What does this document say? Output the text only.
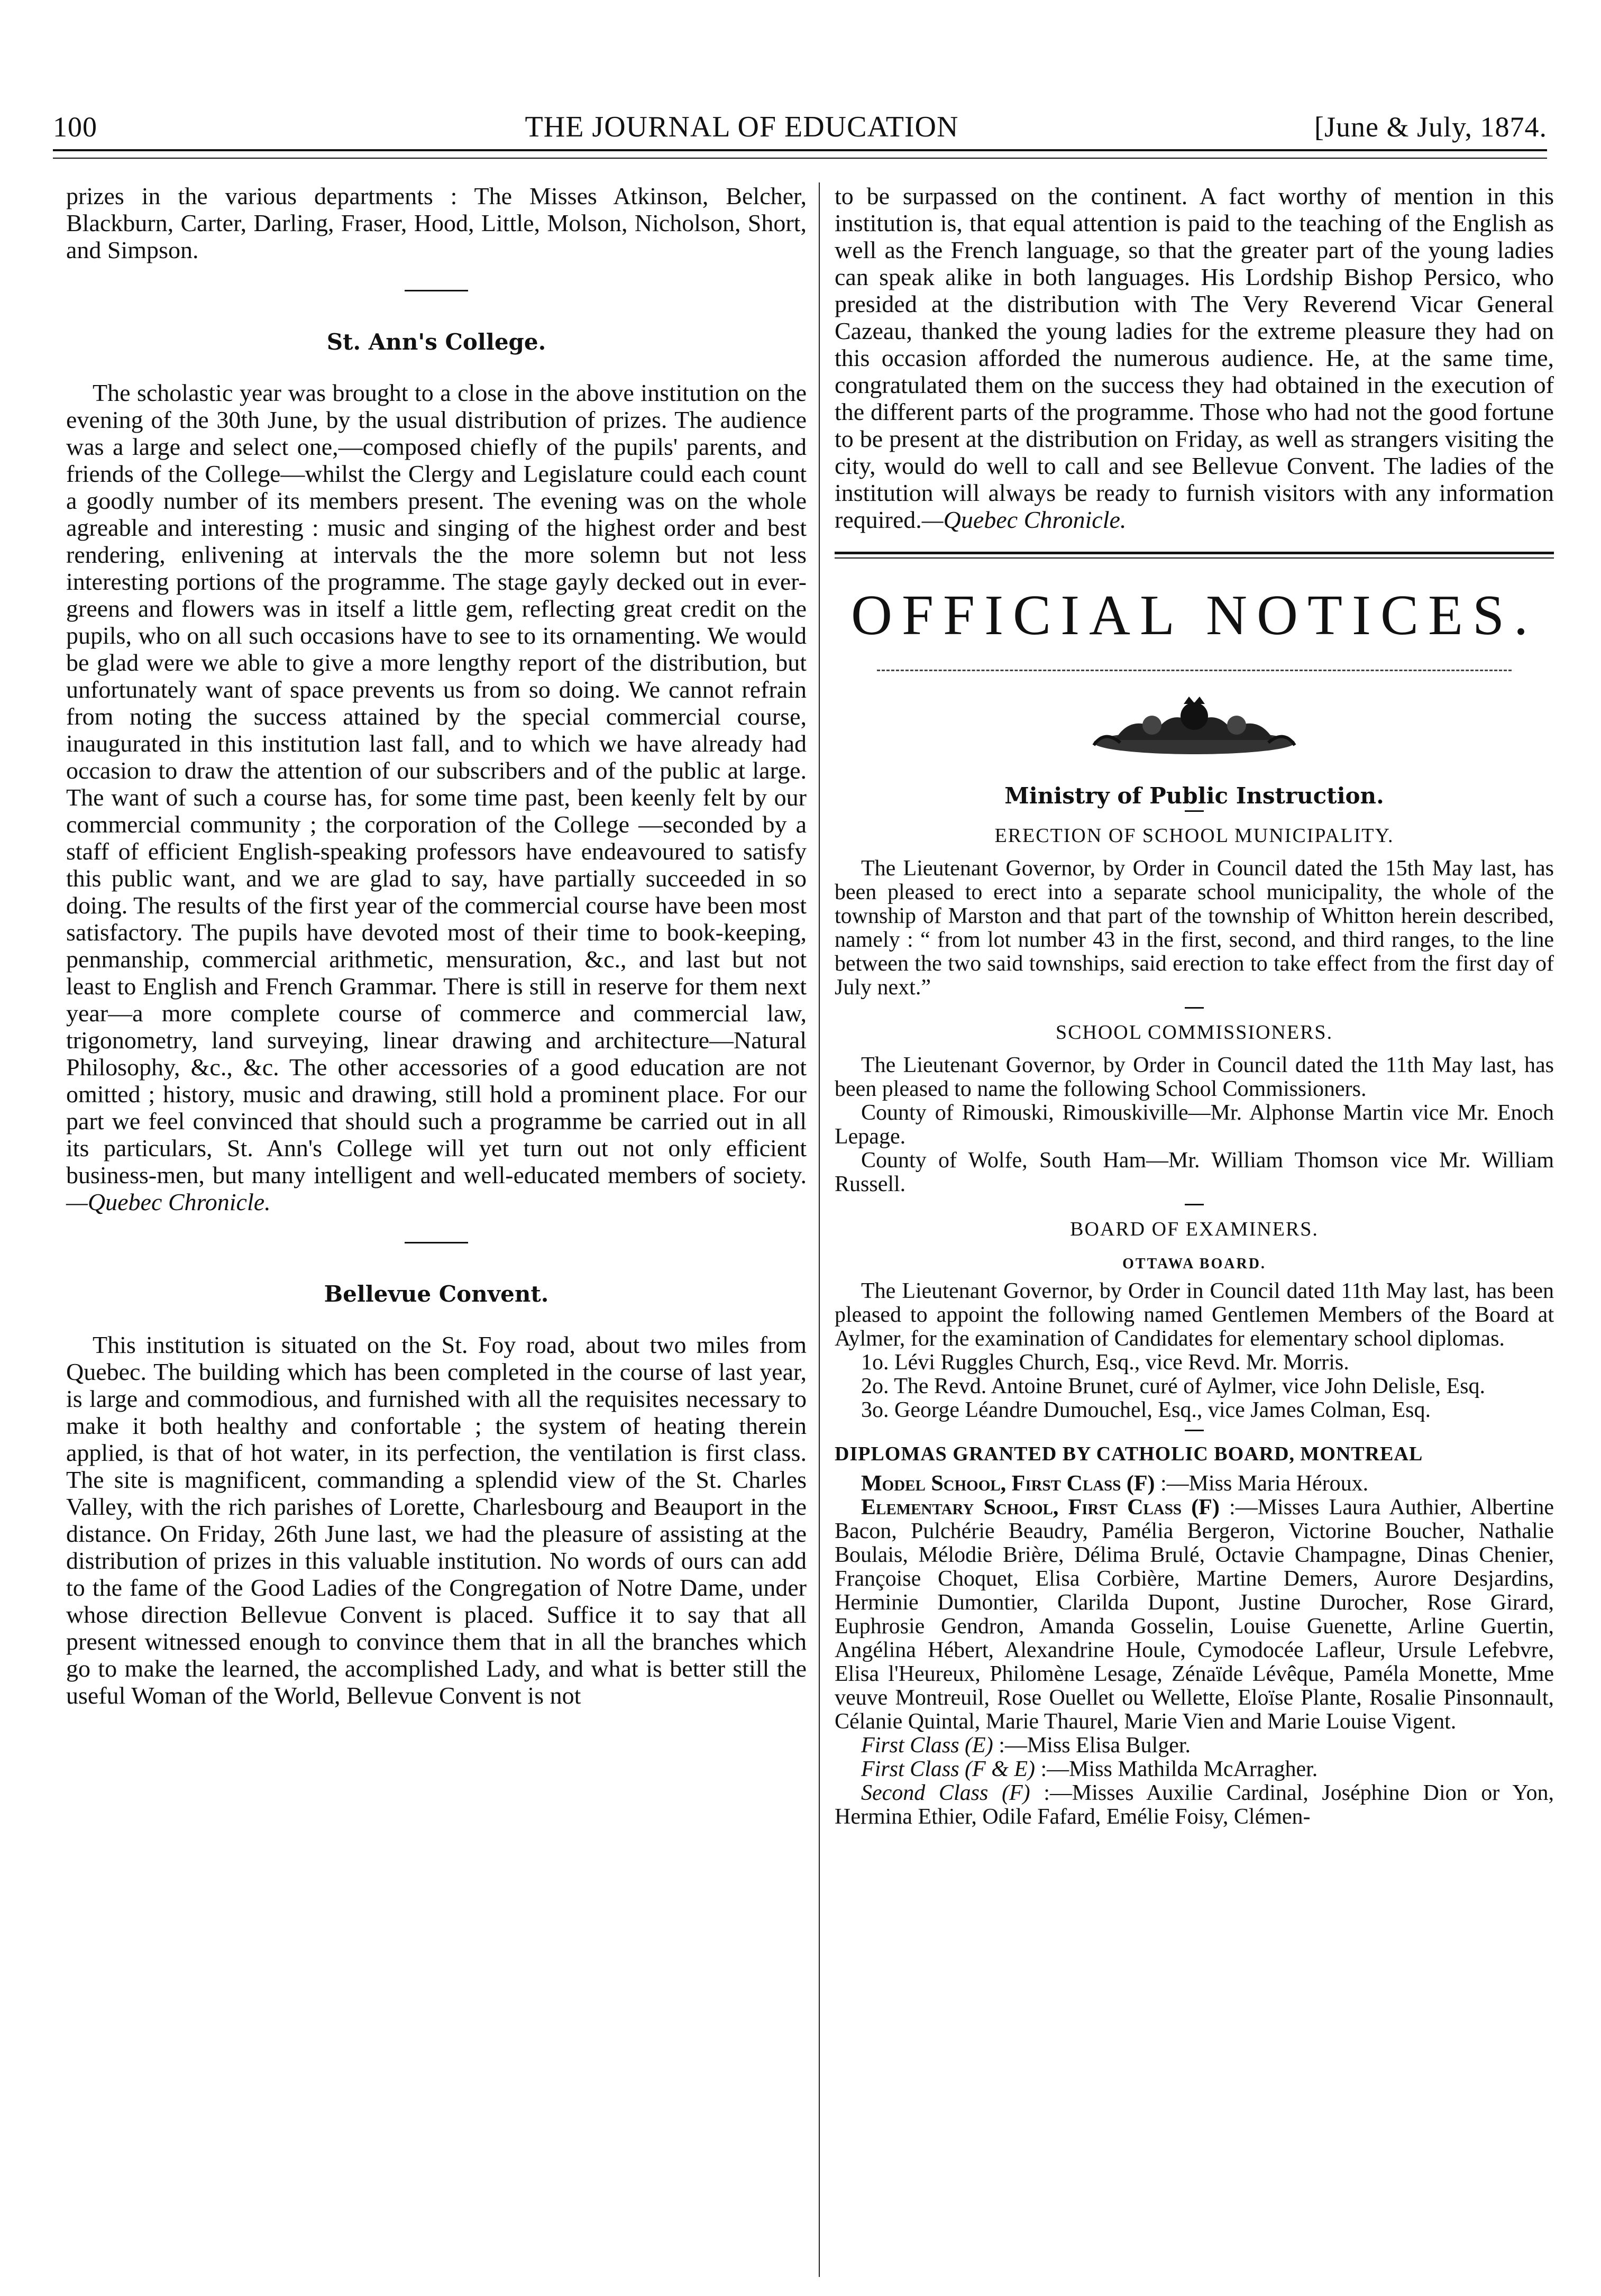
100	THE JOURNAL OF EDUCATION	[June & July, 1874.

prizes in the various departments : The Misses Atkinson, Belcher, Blackburn, Carter, Darling, Fraser, Hood, Little, Molson, Nicholson, Short, and Simpson.

St. Ann's College.

The scholastic year was brought to a close in the above institution on the evening of the 30th June, by the usual distribution of prizes. The audience was a large and select one,—composed chiefly of the pupils' parents, and friends of the College—whilst the Clergy and Legislature could each count a goodly number of its members present. The evening was on the whole agreable and interesting : music and singing of the highest order and best rendering, enlivening at intervals the the more solemn but not less interesting portions of the programme. The stage gayly decked out in ever-greens and flowers was in itself a little gem, reflecting great credit on the pupils, who on all such occasions have to see to its ornamenting. We would be glad were we able to give a more lengthy report of the distribution, but unfortunately want of space prevents us from so doing. We cannot refrain from noting the success attained by the special commercial course, inaugurated in this institution last fall, and to which we have already had occasion to draw the attention of our subscribers and of the public at large. The want of such a course has, for some time past, been keenly felt by our commercial community ; the corporation of the College —seconded by a staff of efficient English-speaking professors have endeavoured to satisfy this public want, and we are glad to say, have partially succeeded in so doing. The results of the first year of the commercial course have been most satisfactory. The pupils have devoted most of their time to book-keeping, penmanship, commercial arithmetic, mensuration, &c., and last but not least to English and French Grammar. There is still in reserve for them next year—a more complete course of commerce and commercial law, trigonometry, land surveying, linear drawing and architecture—Natural Philosophy, &c., &c. The other accessories of a good education are not omitted ; history, music and drawing, still hold a prominent place. For our part we feel convinced that should such a programme be carried out in all its particulars, St. Ann's College will yet turn out not only efficient business-men, but many intelligent and well-educated members of society.—Quebec Chronicle.

Bellevue Convent.

This institution is situated on the St. Foy road, about two miles from Quebec. The building which has been completed in the course of last year, is large and commodious, and furnished with all the requisites necessary to make it both healthy and confortable ; the system of heating therein applied, is that of hot water, in its perfection, the ventilation is first class. The site is magnificent, commanding a splendid view of the St. Charles Valley, with the rich parishes of Lorette, Charlesbourg and Beauport in the distance. On Friday, 26th June last, we had the pleasure of assisting at the distribution of prizes in this valuable institution. No words of ours can add to the fame of the Good Ladies of the Congregation of Notre Dame, under whose direction Bellevue Convent is placed. Suffice it to say that all present witnessed enough to convince them that in all the branches which go to make the learned, the accomplished Lady, and what is better still the useful Woman of the World, Bellevue Convent is not

to be surpassed on the continent. A fact worthy of mention in this institution is, that equal attention is paid to the teaching of the English as well as the French language, so that the greater part of the young ladies can speak alike in both languages. His Lordship Bishop Persico, who presided at the distribution with The Very Reverend Vicar General Cazeau, thanked the young ladies for the extreme pleasure they had on this occasion afforded the numerous audience. He, at the same time, congratulated them on the success they had obtained in the execution of the different parts of the programme. Those who had not the good fortune to be present at the distribution on Friday, as well as strangers visiting the city, would do well to call and see Bellevue Convent. The ladies of the institution will always be ready to furnish visitors with any information required.—Quebec Chronicle.

OFFICIAL NOTICES.
Ministry of Public Instruction.
ERECTION OF SCHOOL MUNICIPALITY.

The Lieutenant Governor, by Order in Council dated the 15th May last, has been pleased to erect into a separate school municipality, the whole of the township of Marston and that part of the township of Whitton herein described, namely : “ from lot number 43 in the first, second, and third ranges, to the line between the two said townships, said erection to take effect from the first day of July next.”

SCHOOL COMMISSIONERS.

The Lieutenant Governor, by Order in Council dated the 11th May last, has been pleased to name the following School Commissioners.

County of Rimouski, Rimouskiville—Mr. Alphonse Martin vice Mr. Enoch Lepage.

County of Wolfe, South Ham—Mr. William Thomson vice Mr. William Russell.

BOARD OF EXAMINERS.
OTTAWA BOARD.

The Lieutenant Governor, by Order in Council dated 11th May last, has been pleased to appoint the following named Gentlemen Members of the Board at Aylmer, for the examination of Candidates for elementary school diplomas.

1o. Lévi Ruggles Church, Esq., vice Revd. Mr. Morris.

2o. The Revd. Antoine Brunet, curé of Aylmer, vice John Delisle, Esq.

3o. George Léandre Dumouchel, Esq., vice James Colman, Esq.

DIPLOMAS GRANTED BY CATHOLIC BOARD, MONTREAL

Model School, First Class (F) :—Miss Maria Héroux.

Elementary School, First Class (F) :—Misses Laura Authier, Albertine Bacon, Pulchérie Beaudry, Pamélia Bergeron, Victorine Boucher, Nathalie Boulais, Mélodie Brière, Délima Brulé, Octavie Champagne, Dinas Chenier, Françoise Choquet, Elisa Corbière, Martine Demers, Aurore Desjardins, Herminie Dumontier, Clarilda Dupont, Justine Durocher, Rose Girard, Euphrosie Gendron, Amanda Gosselin, Louise Guenette, Arline Guertin, Angélina Hébert, Alexandrine Houle, Cymodocée Lafleur, Ursule Lefebvre, Elisa l'Heureux, Philomène Lesage, Zénaïde Lévêque, Paméla Monette, Mme veuve Montreuil, Rose Ouellet ou Wellette, Eloïse Plante, Rosalie Pinsonnault, Célanie Quintal, Marie Thaurel, Marie Vien and Marie Louise Vigent.

First Class (E) :—Miss Elisa Bulger.

First Class (F & E) :—Miss Mathilda McArragher.

Second Class (F) :—Misses Auxilie Cardinal, Joséphine Dion or Yon, Hermina Ethier, Odile Fafard, Emélie Foisy, Clémen-
